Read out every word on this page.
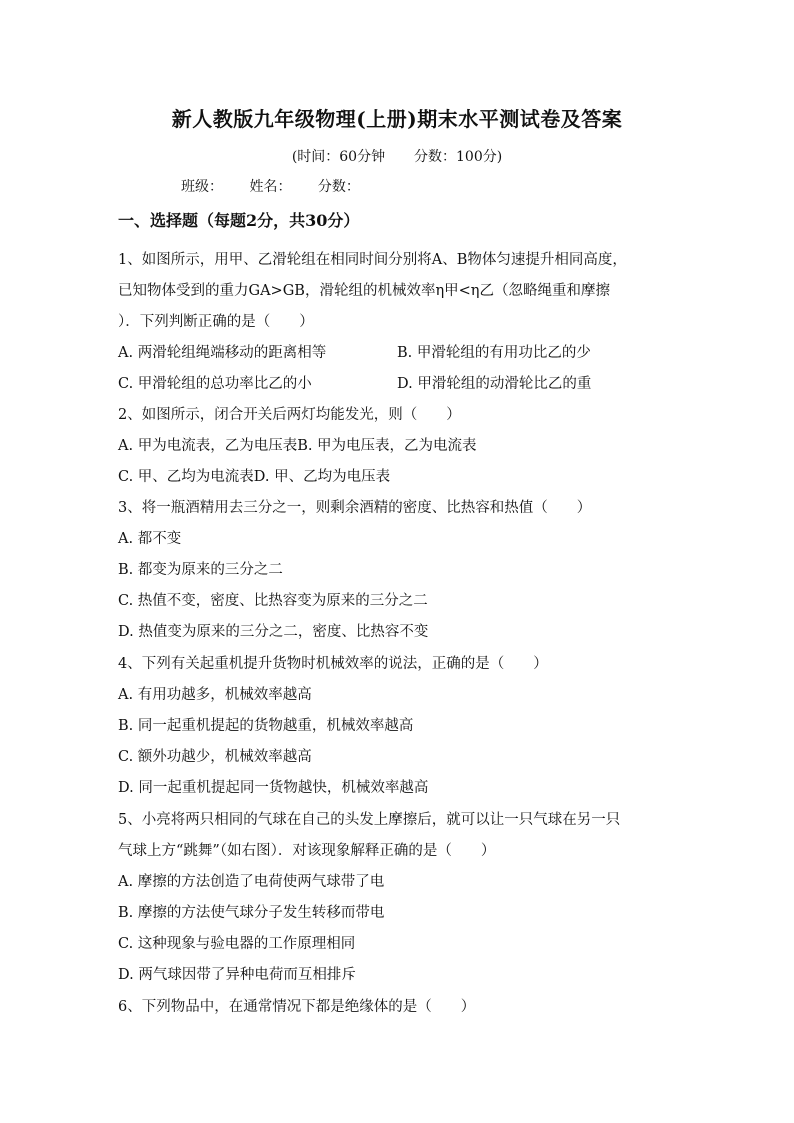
新人教版九年级物理(上册)期末水平测试卷及答案
(时间：60分钟 分数：100分)
班级： 姓名： 分数：
一、选择题（每题2分，共30分）
1、如图所示，用甲、乙滑轮组在相同时间分别将A、B物体匀速提升相同高度，
已知物体受到的重力GA>GB，滑轮组的机械效率η甲<η乙（忽略绳重和摩擦
）．下列判断正确的是（　　）
A. 两滑轮组绳端移动的距离相等	B. 甲滑轮组的有用功比乙的少
C. 甲滑轮组的总功率比乙的小	D. 甲滑轮组的动滑轮比乙的重
2、如图所示，闭合开关后两灯均能发光，则（　　）
A. 甲为电流表，乙为电压表B. 甲为电压表，乙为电流表
C. 甲、乙均为电流表D. 甲、乙均为电压表
3、将一瓶酒精用去三分之一，则剩余酒精的密度、比热容和热值（　　）
A. 都不变
B. 都变为原来的三分之二
C. 热值不变，密度、比热容变为原来的三分之二
D. 热值变为原来的三分之二，密度、比热容不变
4、下列有关起重机提升货物时机械效率的说法，正确的是（　　）
A. 有用功越多，机械效率越高
B. 同一起重机提起的货物越重，机械效率越高
C. 额外功越少，机械效率越高
D. 同一起重机提起同一货物越快，机械效率越高
5、小亮将两只相同的气球在自己的头发上摩擦后，就可以让一只气球在另一只
气球上方“跳舞”（如右图）．对该现象解释正确的是（　　）
A. 摩擦的方法创造了电荷使两气球带了电
B. 摩擦的方法使气球分子发生转移而带电
C. 这种现象与验电器的工作原理相同
D. 两气球因带了异种电荷而互相排斥
6、下列物品中，在通常情况下都是绝缘体的是（　　）
